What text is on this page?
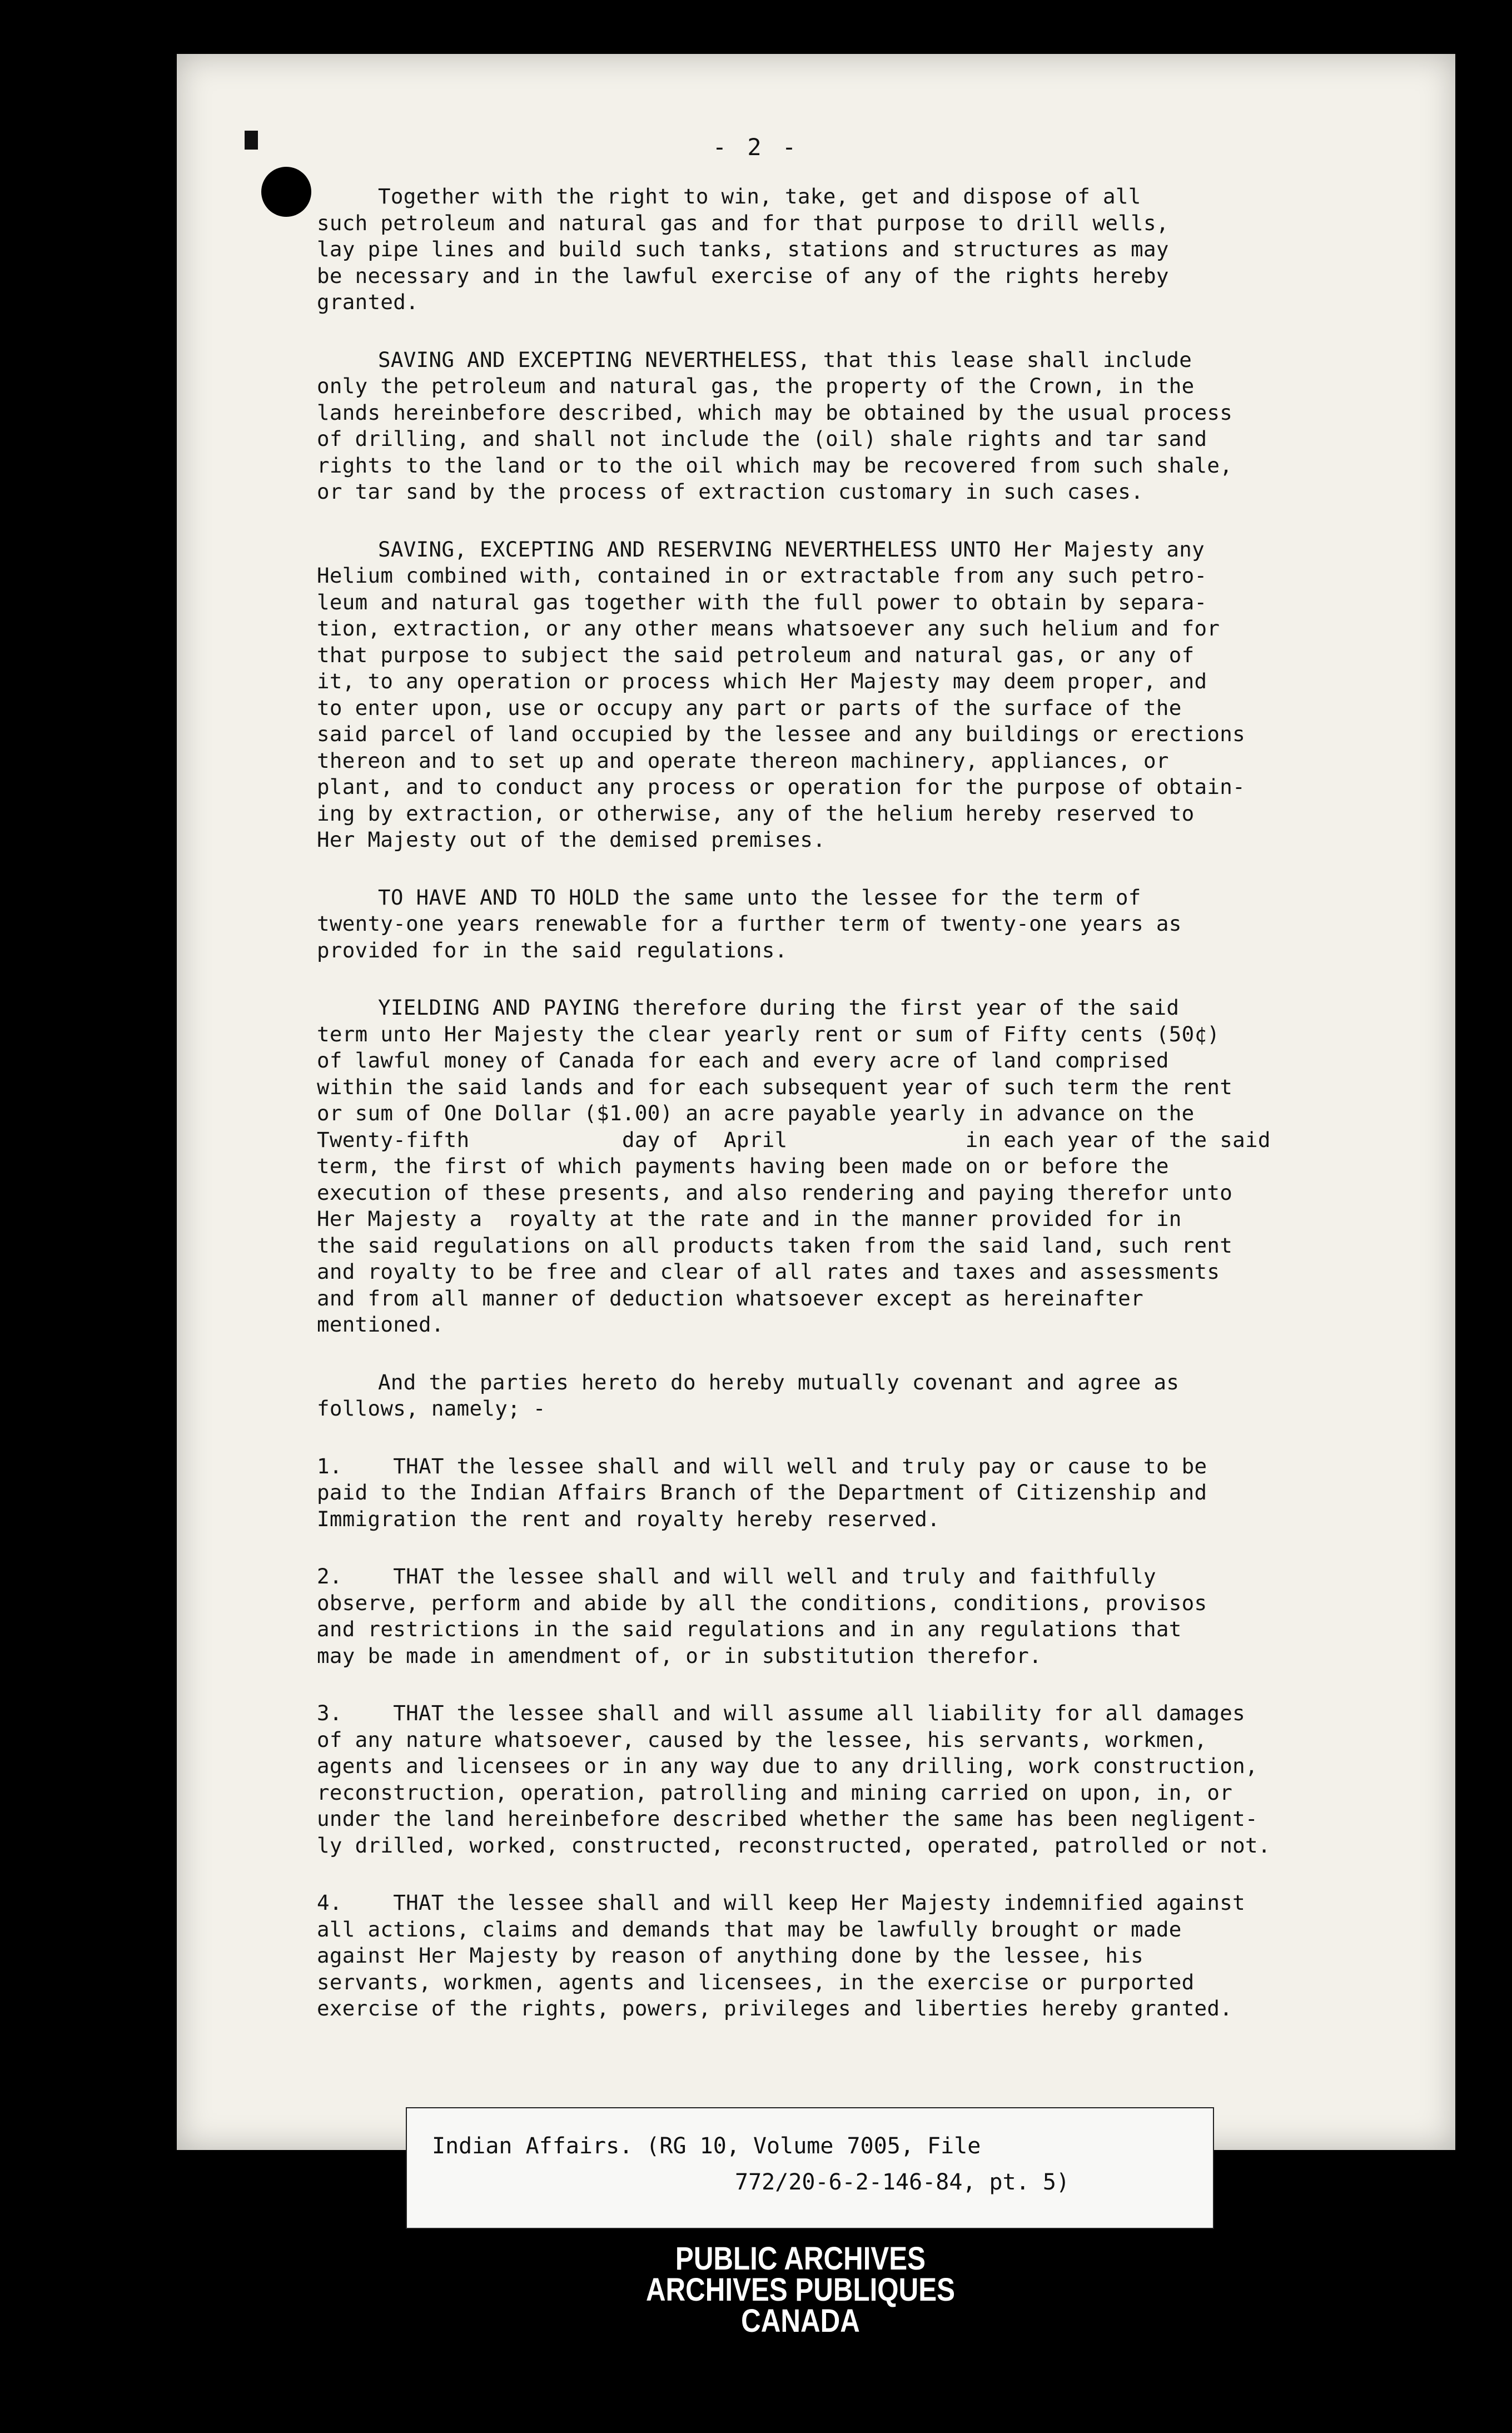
- 2 -

Together with the right to win, take, get and dispose of all
such petroleum and natural gas and for that purpose to drill wells,
lay pipe lines and build such tanks, stations and structures as may
be necessary and in the lawful exercise of any of the rights hereby
granted.

SAVING AND EXCEPTING NEVERTHELESS, that this lease shall include
only the petroleum and natural gas, the property of the Crown, in the
lands hereinbefore described, which may be obtained by the usual process
of drilling, and shall not include the (oil) shale rights and tar sand
rights to the land or to the oil which may be recovered from such shale,
or tar sand by the process of extraction customary in such cases.

SAVING, EXCEPTING AND RESERVING NEVERTHELESS UNTO Her Majesty any
Helium combined with, contained in or extractable from any such petro-
leum and natural gas together with the full power to obtain by separa-
tion, extraction, or any other means whatsoever any such helium and for
that purpose to subject the said petroleum and natural gas, or any of
it, to any operation or process which Her Majesty may deem proper, and
to enter upon, use or occupy any part or parts of the surface of the
said parcel of land occupied by the lessee and any buildings or erections
thereon and to set up and operate thereon machinery, appliances, or
plant, and to conduct any process or operation for the purpose of obtain-
ing by extraction, or otherwise, any of the helium hereby reserved to
Her Majesty out of the demised premises.

TO HAVE AND TO HOLD the same unto the lessee for the term of
twenty-one years renewable for a further term of twenty-one years as
provided for in the said regulations.

YIELDING AND PAYING therefore during the first year of the said
term unto Her Majesty the clear yearly rent or sum of Fifty cents (50¢)
of lawful money of Canada for each and every acre of land comprised
within the said lands and for each subsequent year of such term the rent
or sum of One Dollar ($1.00) an acre payable yearly in advance on the
Twenty-fifth            day of  April              in each year of the said
term, the first of which payments having been made on or before the
execution of these presents, and also rendering and paying therefor unto
Her Majesty a  royalty at the rate and in the manner provided for in
the said regulations on all products taken from the said land, such rent
and royalty to be free and clear of all rates and taxes and assessments
and from all manner of deduction whatsoever except as hereinafter
mentioned.

And the parties hereto do hereby mutually covenant and agree as
follows, namely; -

1.    THAT the lessee shall and will well and truly pay or cause to be
paid to the Indian Affairs Branch of the Department of Citizenship and
Immigration the rent and royalty hereby reserved.

2.    THAT the lessee shall and will well and truly and faithfully
observe, perform and abide by all the conditions, conditions, provisos
and restrictions in the said regulations and in any regulations that
may be made in amendment of, or in substitution therefor.

3.    THAT the lessee shall and will assume all liability for all damages
of any nature whatsoever, caused by the lessee, his servants, workmen,
agents and licensees or in any way due to any drilling, work construction,
reconstruction, operation, patrolling and mining carried on upon, in, or
under the land hereinbefore described whether the same has been negligent-
ly drilled, worked, constructed, reconstructed, operated, patrolled or not.

4.    THAT the lessee shall and will keep Her Majesty indemnified against
all actions, claims and demands that may be lawfully brought or made
against Her Majesty by reason of anything done by the lessee, his
servants, workmen, agents and licensees, in the exercise or purported
exercise of the rights, powers, privileges and liberties hereby granted.

Indian Affairs. (RG 10, Volume 7005, File
772/20-6-2-146-84, pt. 5)
PUBLIC ARCHIVES
ARCHIVES PUBLIQUES
CANADA
